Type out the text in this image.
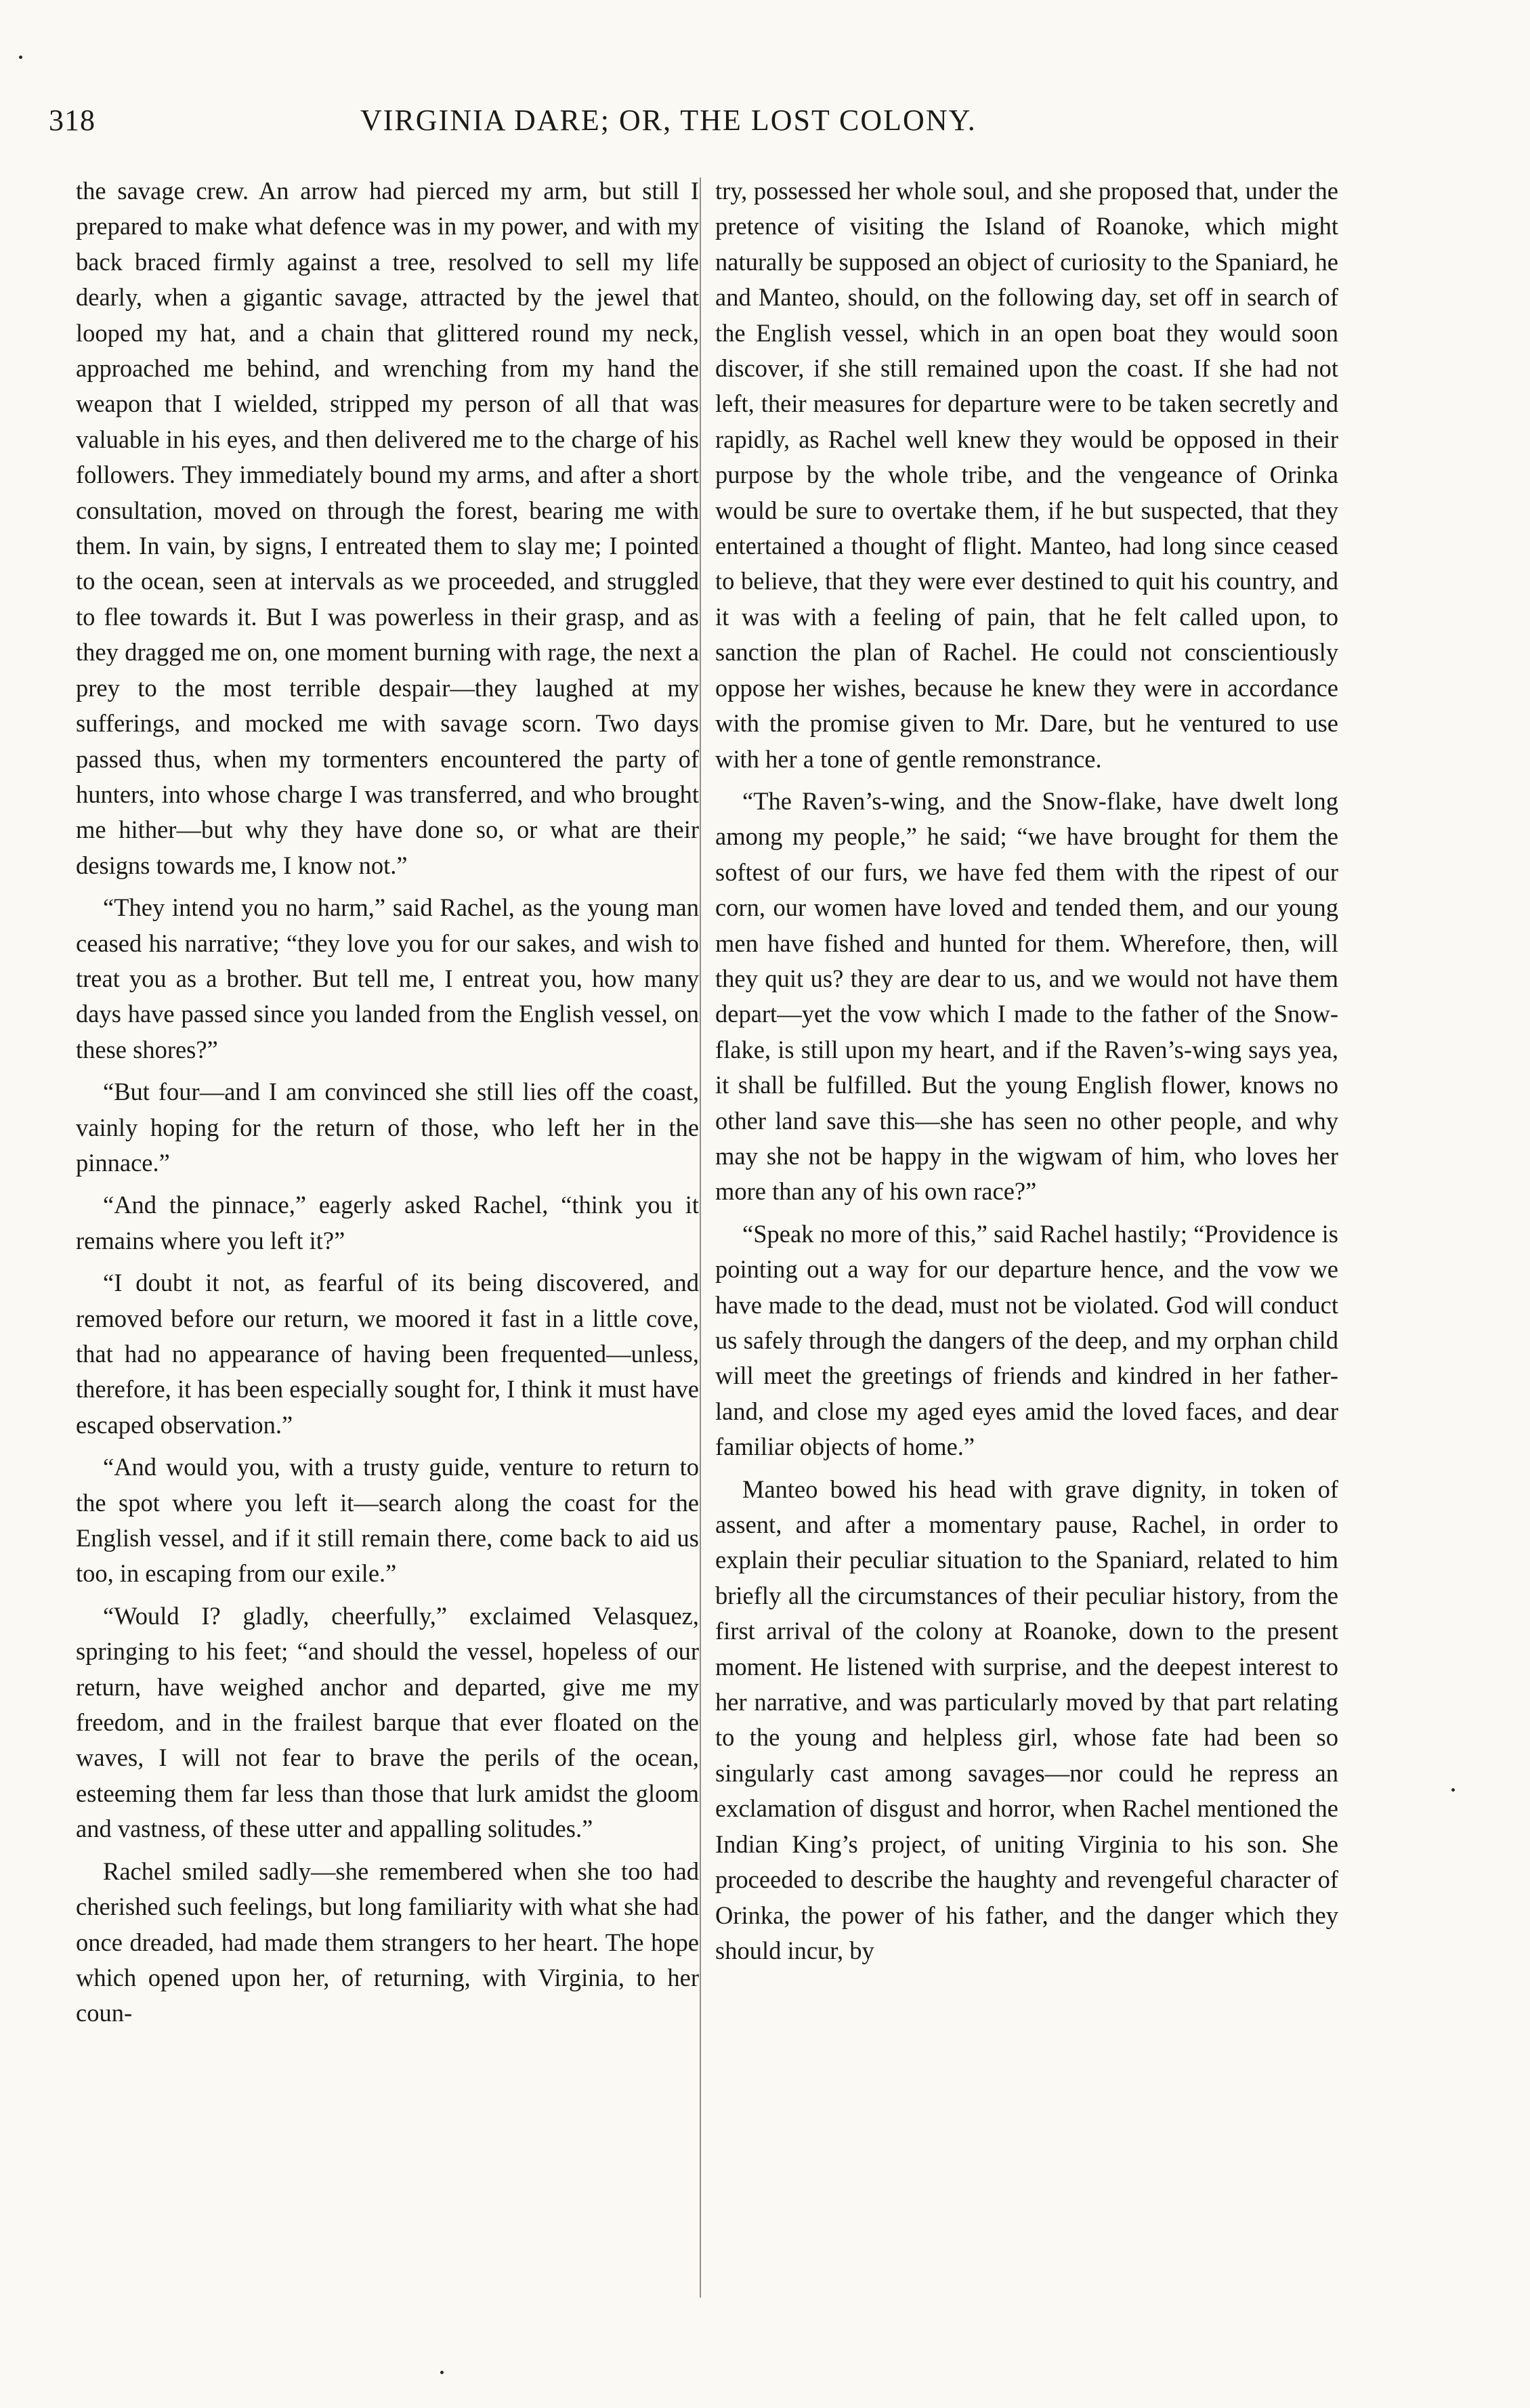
318	VIRGINIA DARE; OR, THE LOST COLONY.

the savage crew. An arrow had pierced my arm, but still I prepared to make what defence was in my power, and with my back braced firmly against a tree, resolved to sell my life dearly, when a gigantic savage, attracted by the jewel that looped my hat, and a chain that glittered round my neck, approached me behind, and wrenching from my hand the weapon that I wielded, stripped my person of all that was valuable in his eyes, and then delivered me to the charge of his followers. They immediately bound my arms, and after a short consultation, moved on through the forest, bearing me with them. In vain, by signs, I entreated them to slay me; I pointed to the ocean, seen at intervals as we proceeded, and struggled to flee towards it. But I was powerless in their grasp, and as they dragged me on, one moment burning with rage, the next a prey to the most terrible despair—they laughed at my sufferings, and mocked me with savage scorn. Two days passed thus, when my tormenters encountered the party of hunters, into whose charge I was transferred, and who brought me hither—but why they have done so, or what are their designs towards me, I know not.”

“They intend you no harm,” said Rachel, as the young man ceased his narrative; “they love you for our sakes, and wish to treat you as a brother. But tell me, I entreat you, how many days have passed since you landed from the English vessel, on these shores?”

“But four—and I am convinced she still lies off the coast, vainly hoping for the return of those, who left her in the pinnace.”

“And the pinnace,” eagerly asked Rachel, “think you it remains where you left it?”

“I doubt it not, as fearful of its being discovered, and removed before our return, we moored it fast in a little cove, that had no appearance of having been frequented—unless, therefore, it has been especially sought for, I think it must have escaped observation.”

“And would you, with a trusty guide, venture to return to the spot where you left it—search along the coast for the English vessel, and if it still remain there, come back to aid us too, in escaping from our exile.”

“Would I? gladly, cheerfully,” exclaimed Velasquez, springing to his feet; “and should the vessel, hopeless of our return, have weighed anchor and departed, give me my freedom, and in the frailest barque that ever floated on the waves, I will not fear to brave the perils of the ocean, esteeming them far less than those that lurk amidst the gloom and vastness, of these utter and appalling solitudes.”

Rachel smiled sadly—she remembered when she too had cherished such feelings, but long familiarity with what she had once dreaded, had made them strangers to her heart. The hope which opened upon her, of returning, with Virginia, to her coun-

try, possessed her whole soul, and she proposed that, under the pretence of visiting the Island of Roanoke, which might naturally be supposed an object of curiosity to the Spaniard, he and Manteo, should, on the following day, set off in search of the English vessel, which in an open boat they would soon discover, if she still remained upon the coast. If she had not left, their measures for departure were to be taken secretly and rapidly, as Rachel well knew they would be opposed in their purpose by the whole tribe, and the vengeance of Orinka would be sure to overtake them, if he but suspected, that they entertained a thought of flight. Manteo, had long since ceased to believe, that they were ever destined to quit his country, and it was with a feeling of pain, that he felt called upon, to sanction the plan of Rachel. He could not conscientiously oppose her wishes, because he knew they were in accordance with the promise given to Mr. Dare, but he ventured to use with her a tone of gentle remonstrance.

“The Raven’s-wing, and the Snow-flake, have dwelt long among my people,” he said; “we have brought for them the softest of our furs, we have fed them with the ripest of our corn, our women have loved and tended them, and our young men have fished and hunted for them. Wherefore, then, will they quit us? they are dear to us, and we would not have them depart—yet the vow which I made to the father of the Snow-flake, is still upon my heart, and if the Raven’s-wing says yea, it shall be fulfilled. But the young English flower, knows no other land save this—she has seen no other people, and why may she not be happy in the wigwam of him, who loves her more than any of his own race?”

“Speak no more of this,” said Rachel hastily; “Providence is pointing out a way for our departure hence, and the vow we have made to the dead, must not be violated. God will conduct us safely through the dangers of the deep, and my orphan child will meet the greetings of friends and kindred in her father-land, and close my aged eyes amid the loved faces, and dear familiar objects of home.”

Manteo bowed his head with grave dignity, in token of assent, and after a momentary pause, Rachel, in order to explain their peculiar situation to the Spaniard, related to him briefly all the circumstances of their peculiar history, from the first arrival of the colony at Roanoke, down to the present moment. He listened with surprise, and the deepest interest to her narrative, and was particularly moved by that part relating to the young and helpless girl, whose fate had been so singularly cast among savages—nor could he repress an exclamation of disgust and horror, when Rachel mentioned the Indian King’s project, of uniting Virginia to his son. She proceeded to describe the haughty and revengeful character of Orinka, the power of his father, and the danger which they should incur, by
